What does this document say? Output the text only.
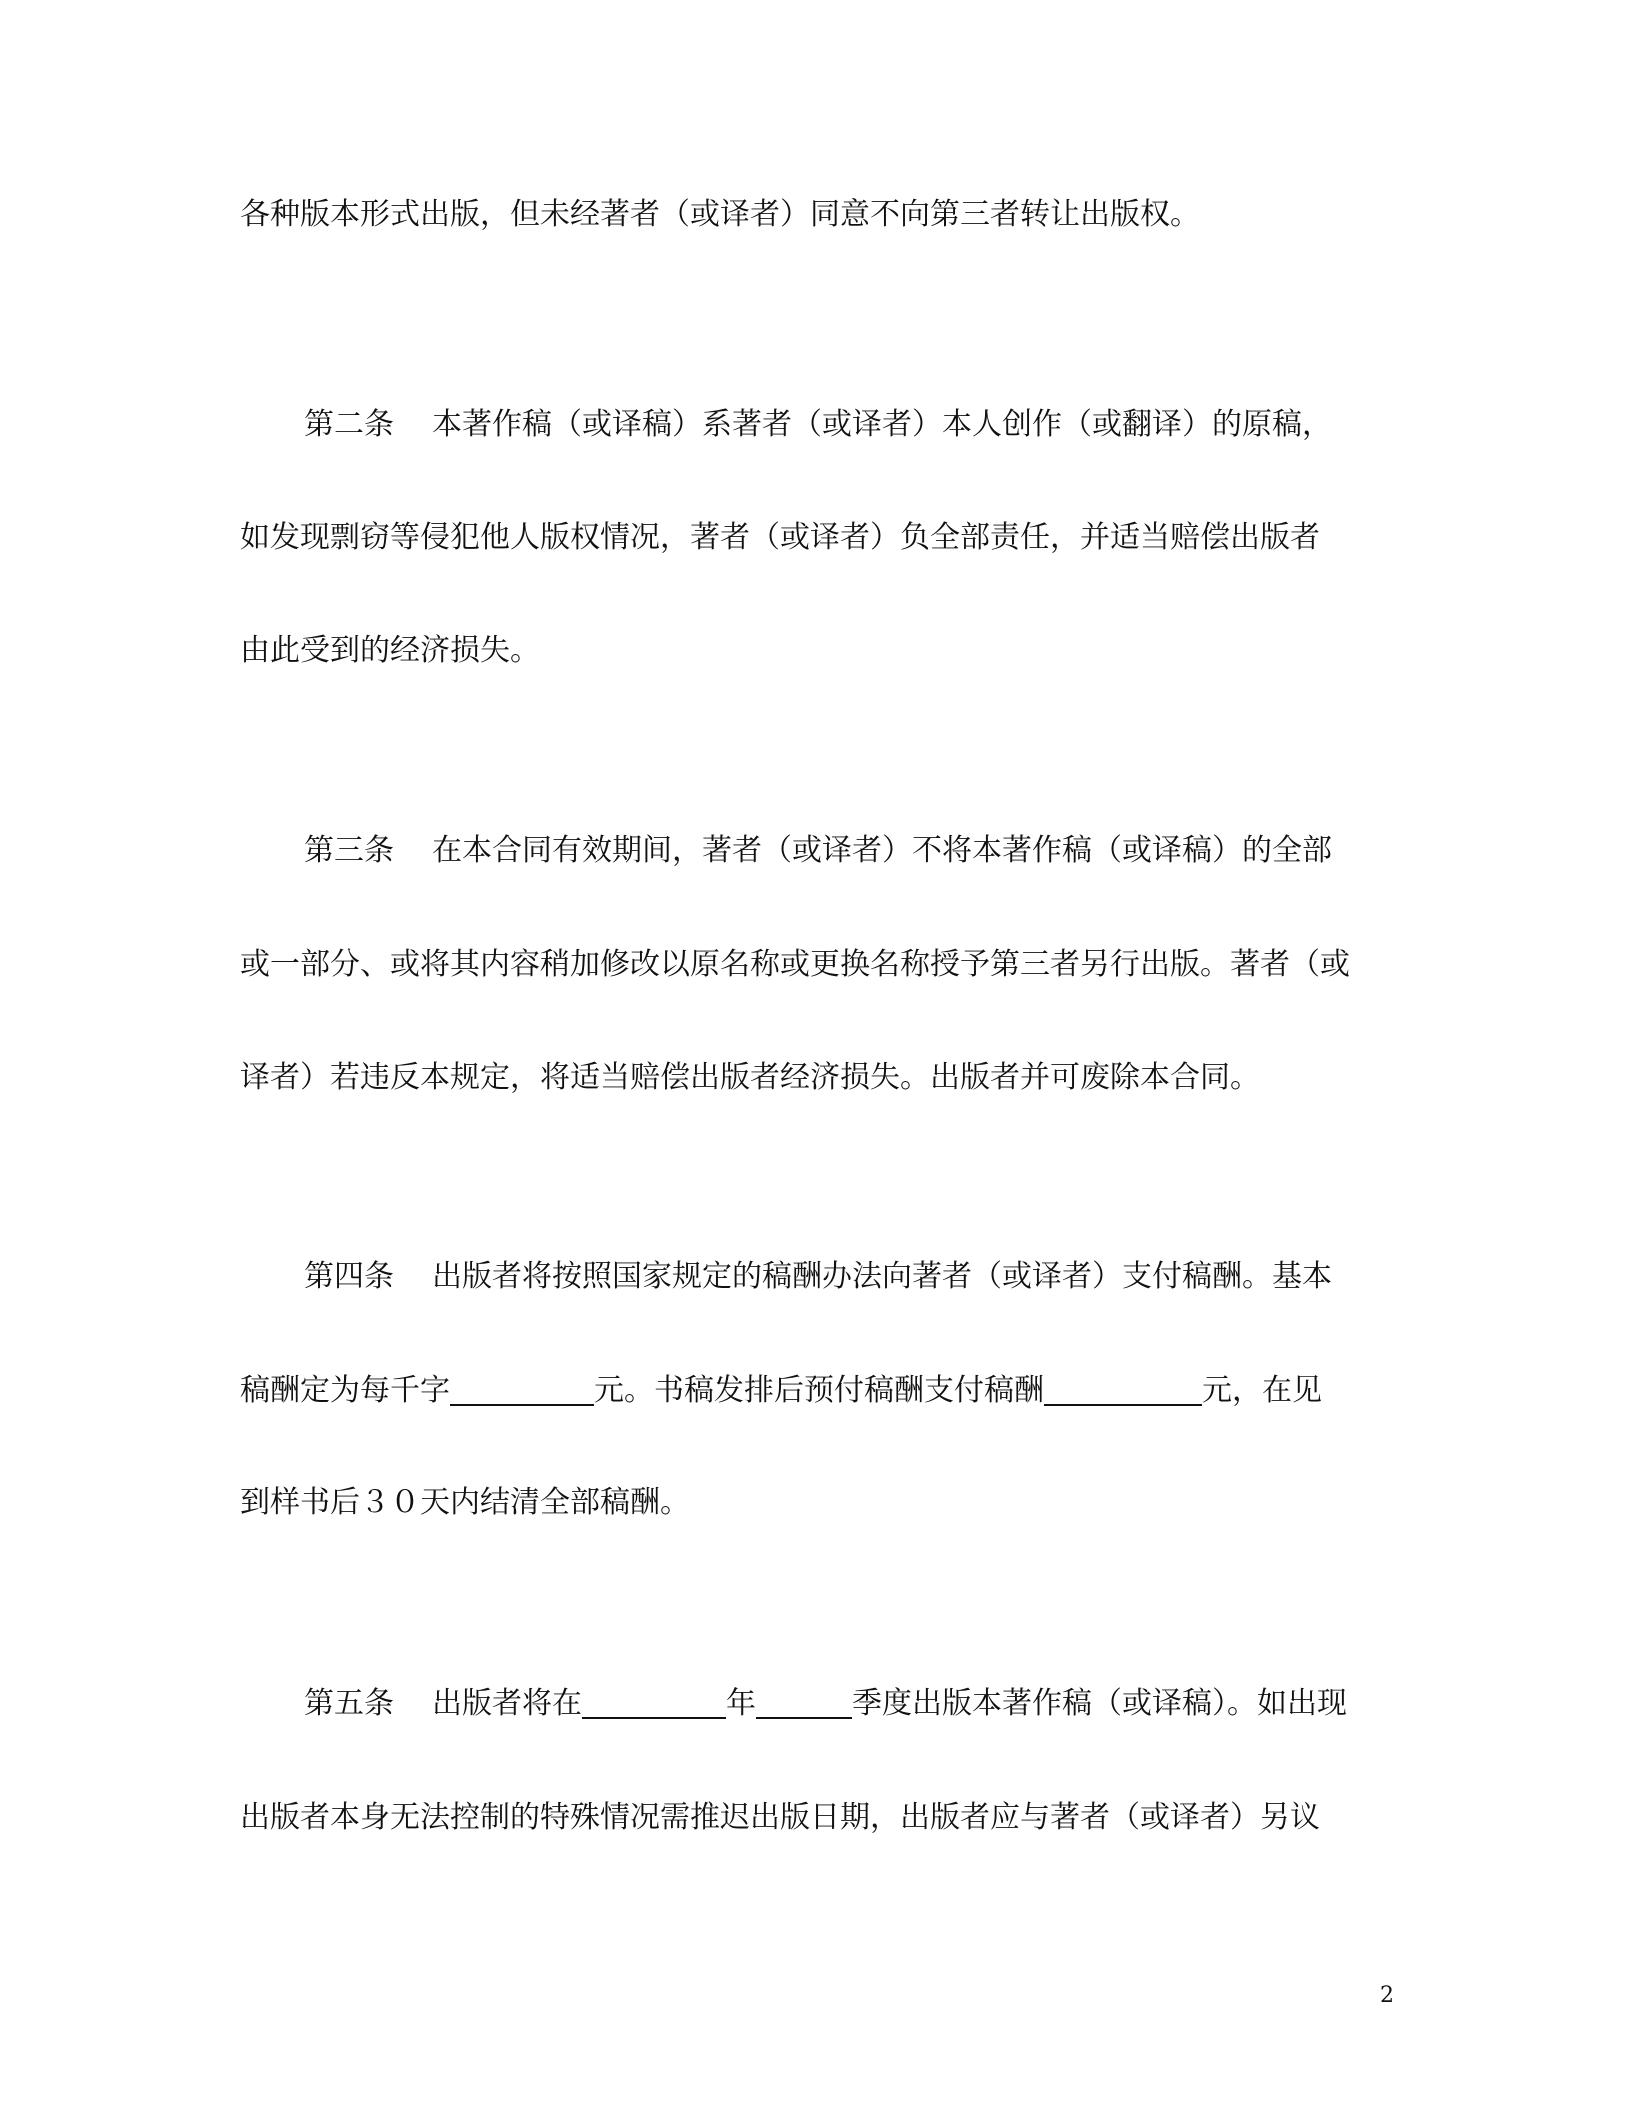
各种版本形式出版，但未经著者（或译者）同意不向第三者转让出版权。
第二条 本著作稿（或译稿）系著者（或译者）本人创作（或翻译）的原稿，
如发现剽窃等侵犯他人版权情况，著者（或译者）负全部责任，并适当赔偿出版者
由此受到的经济损失。
第三条 在本合同有效期间，著者（或译者）不将本著作稿（或译稿）的全部
或一部分、或将其内容稍加修改以原名称或更换名称授予第三者另行出版。著者（或
译者）若违反本规定，将适当赔偿出版者经济损失。出版者并可废除本合同。
第四条 出版者将按照国家规定的稿酬办法向著者（或译者）支付稿酬。基本
稿酬定为每千字	元。书稿发排后预付稿酬支付稿酬	元，在见
到样书后３０天内结清全部稿酬。
第五条 出版者将在	年	季度出版本著作稿（或译稿）。如出现
出版者本身无法控制的特殊情况需推迟出版日期，出版者应与著者（或译者）另议
2
